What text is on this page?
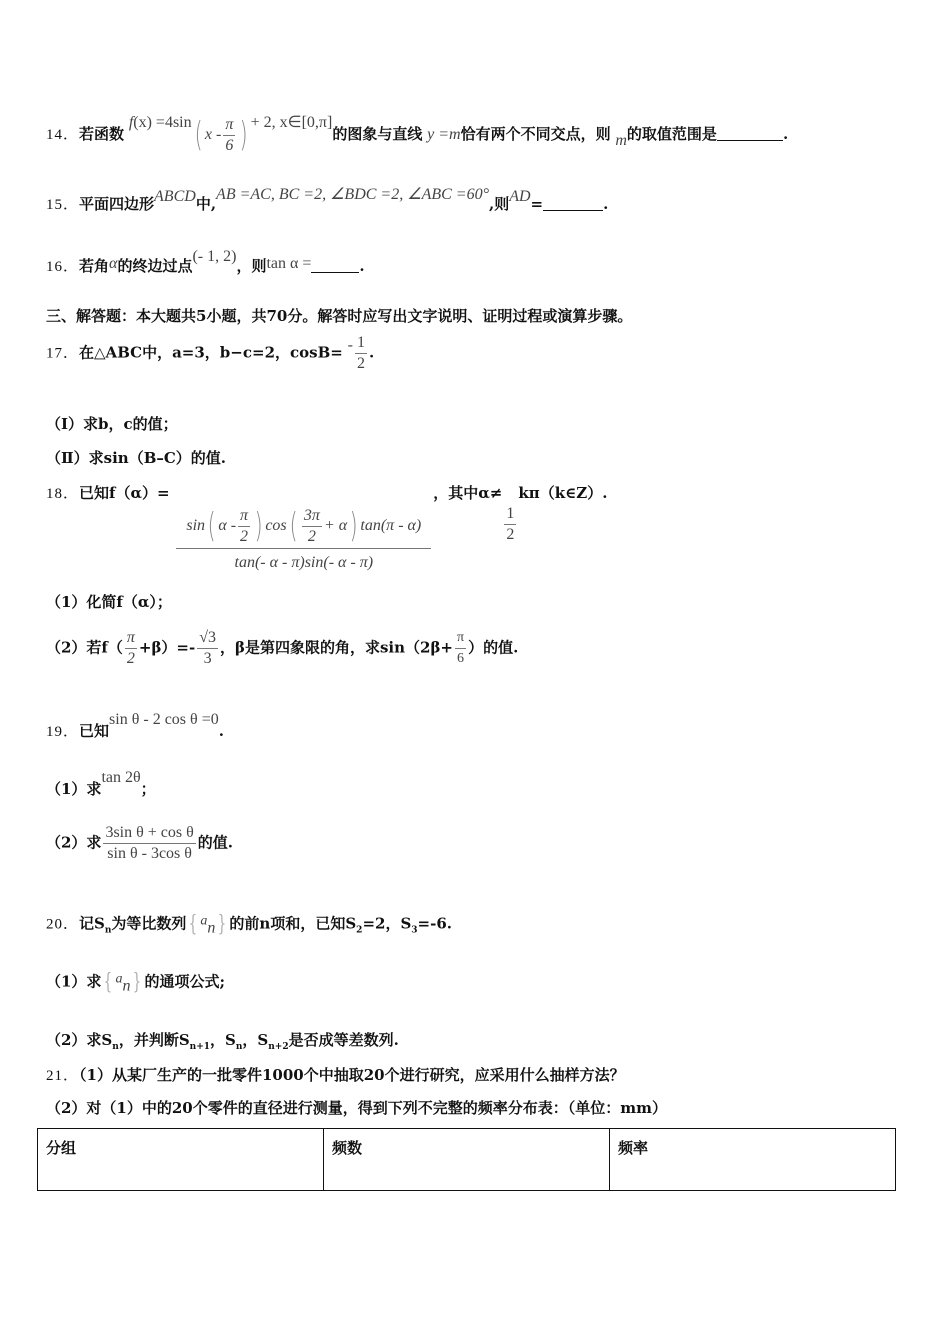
14．若函数 f(x) =4sin( x - $\frac{\pi}{6}$ ) + 2, x∈[0,π]的图象与直线 y =m恰有两个不同交点，则 m的取值范围是	.
15．平面四边形ABCD中,AB =AC, BC =2, ∠BDC =2, ∠ABC =60°,则AD=	.
16．若角α的终边过点(- 1, 2)，则tan α =	.
三、解答题：本大题共5小题，共70分。解答时应写出文字说明、证明过程或演算步骤。
17．在△ABC中，a=3，b−c=2，$\cos B= - \frac{1}{2}$ .
（Ⅰ）求b，c的值；
（Ⅱ）求sin（B–C）的值.
18．已知f（α）=
$\frac{\sin( \alpha - \frac{\pi}{2} ) \cos( \frac{3\pi}{2} + \alpha) \tan(\pi - \alpha)}{\tan(- \alpha - \pi)\sin(- \alpha - \pi)}$
，其中α≠
$\frac{1}{2}$
kπ（k∈Z）.
（1）化简f（α）；
（2）若$f( \frac{\pi}{2} +\beta)=- \frac{√3}{3}$ ，β是第四象限的角，求$\sin(2\beta+ \frac{\pi}{6}$ ）的值.
19．已知sin θ - 2 cos θ =0.
（1）求tan 2θ；
（2）求 $\frac{\text{3sin θ + cos θ}}{\text{sin θ - 3cos θ}}$ 的值.
20．记$S_n$为等比数列 { $a_n$ } 的前n项和，已知$S_2=2$，$S_3=-6$.
（1）求 { $a_n$ } 的通项公式;
（2）求$S_n$，并判断$S_{n+1}$，$S_n$，$S_{n+2}$是否成等差数列.
21．（1）从某厂生产的一批零件1000个中抽取20个进行研究，应采用什么抽样方法？
（2）对（1）中的20个零件的直径进行测量，得到下列不完整的频率分布表：（单位：mm）
分组	频数	频率
